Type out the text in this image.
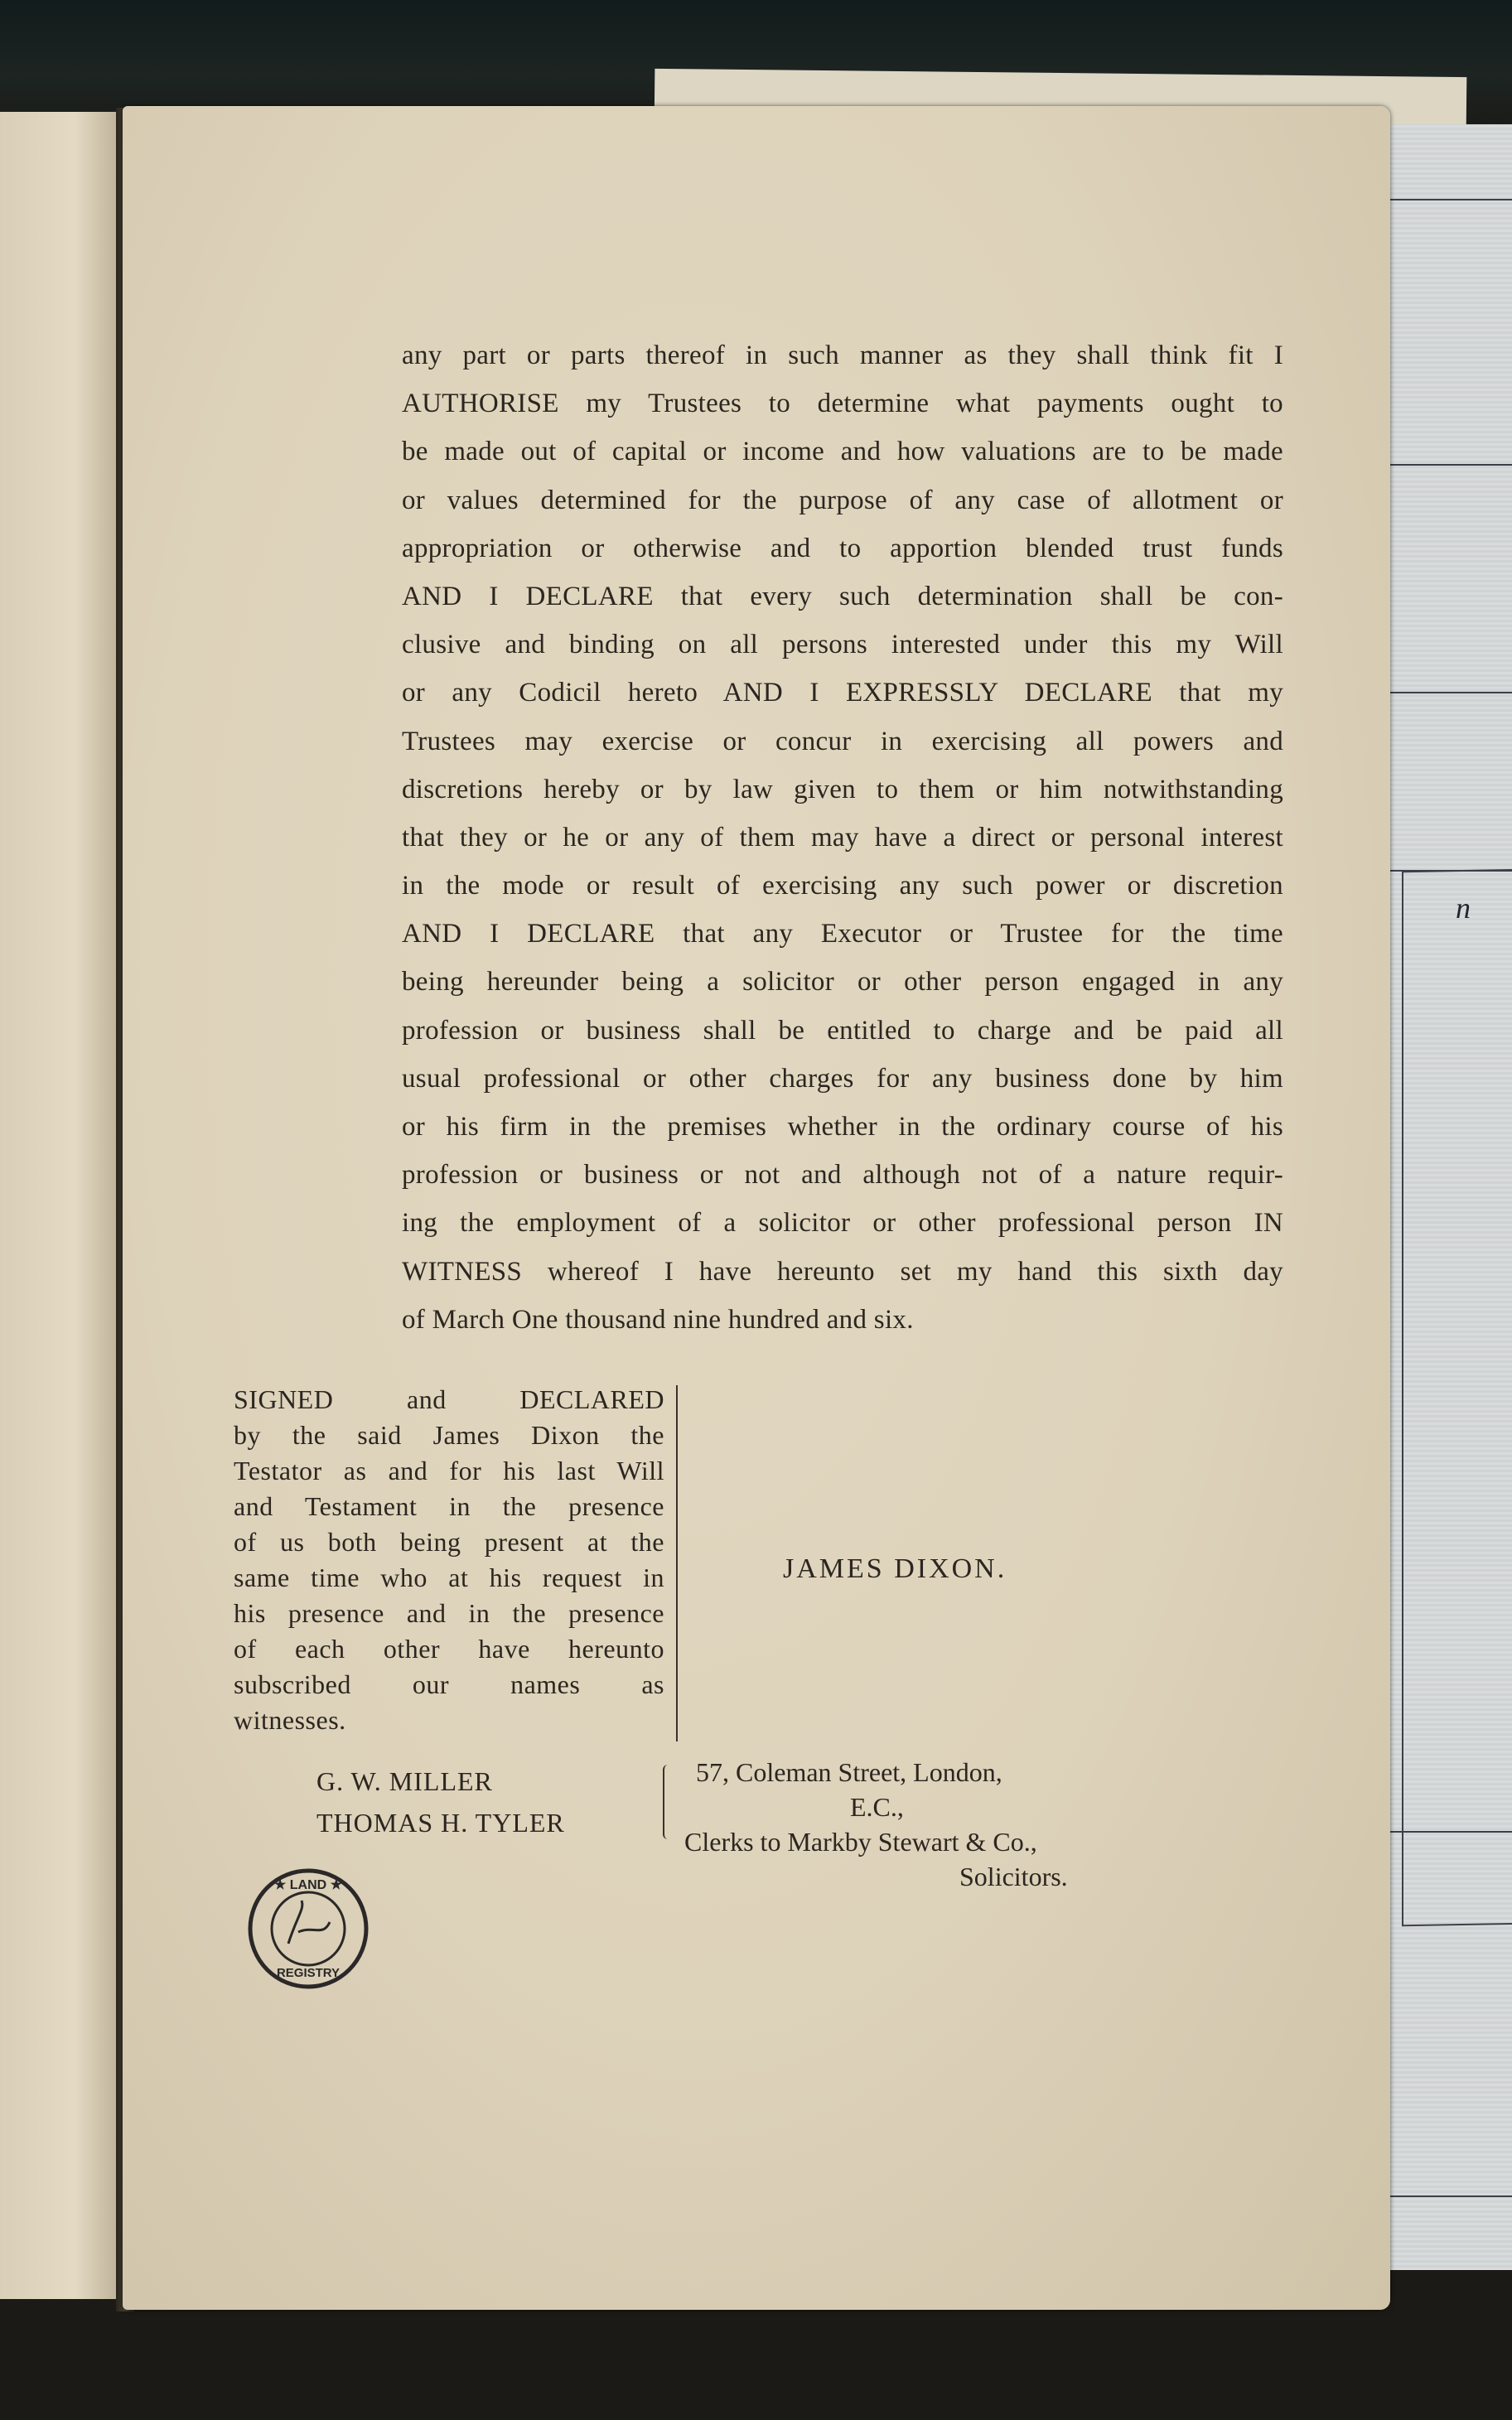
n
any part or parts thereof in such manner as they shall think fit I
AUTHORISE my Trustees to determine what payments ought to
be made out of capital or income and how valuations are to be made
or values determined for the purpose of any case of allotment or
appropriation or otherwise and to apportion blended trust funds
AND I DECLARE that every such determination shall be con-
clusive and binding on all persons interested under this my Will
or any Codicil hereto AND I EXPRESSLY DECLARE that my
Trustees may exercise or concur in exercising all powers and
discretions hereby or by law given to them or him notwithstanding
that they or he or any of them may have a direct or personal interest
in the mode or result of exercising any such power or discretion
AND I DECLARE that any Executor or Trustee for the time
being hereunder being a solicitor or other person engaged in any
profession or business shall be entitled to charge and be paid all
usual professional or other charges for any business done by him
or his firm in the premises whether in the ordinary course of his
profession or business or not and although not of a nature requir-
ing the employment of a solicitor or other professional person IN
WITNESS whereof I have hereunto set my hand this sixth day
of March One thousand nine hundred and six.
SIGNED and DECLARED
by the said James Dixon the
Testator as and for his last Will
and Testament in the presence
of us both being present at the
same time who at his request in
his presence and in the presence
of each other have hereunto
subscribed our names as
witnesses.
JAMES DIXON.
G. W. MILLER
THOMAS H. TYLER
57, Coleman Street, London,
E.C.,
Clerks to Markby Stewart & Co.,
Solicitors.
★ LAND ★
REGISTRY
